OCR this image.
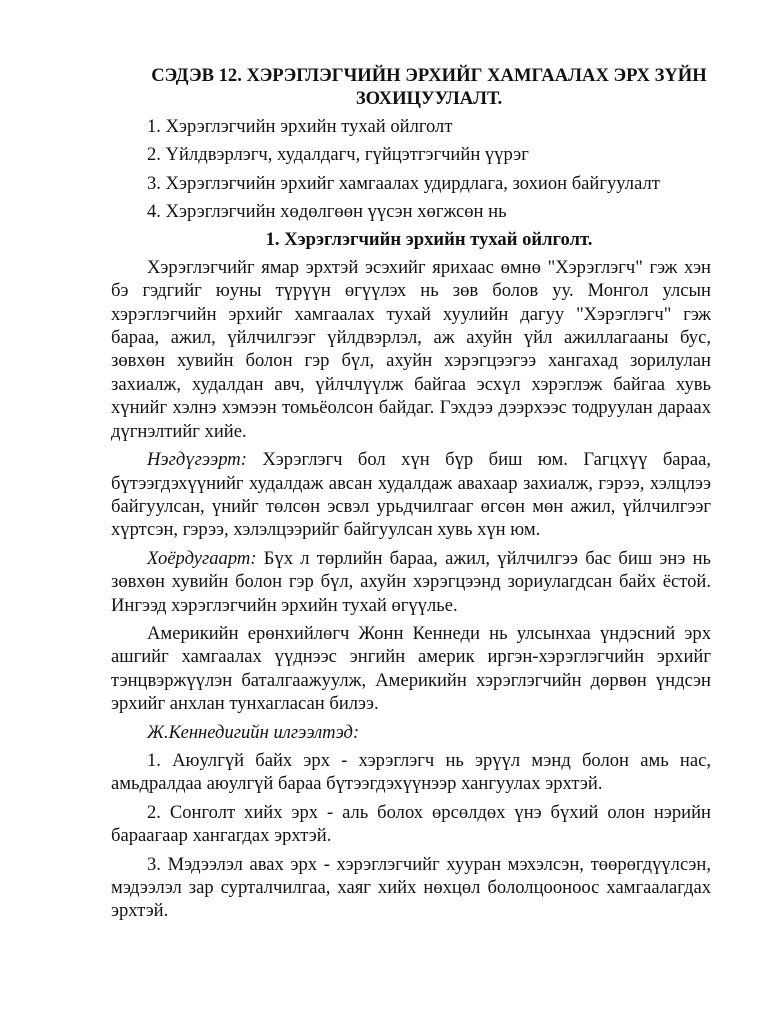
СЭДЭВ 12. ХЭРЭГЛЭГЧИЙН ЭРХИЙГ ХАМГААЛАХ ЭРХ ЗҮЙН ЗОХИЦУУЛАЛТ.
1. Хэрэглэгчийн эрхийн тухай ойлголт
2. Үйлдвэрлэгч, худалдагч, гүйцэтгэгчийн үүрэг
3. Хэрэглэгчийн эрхийг хамгаалах удирдлага, зохион байгуулалт
4. Хэрэглэгчийн хөдөлгөөн үүсэн хөгжсөн нь
1. Хэрэглэгчийн эрхийн тухай ойлголт.
Хэрэглэгчийг ямар эрхтэй эсэхийг ярихаас өмнө "Хэрэглэгч" гэж хэн бэ гэдгийг юуны түрүүн өгүүлэх нь зөв болов уу. Монгол улсын хэрэглэгчийн эрхийг хамгаалах тухай хуулийн дагуу "Хэрэглэгч" гэж бараа, ажил, үйлчилгээг үйлдвэрлэл, аж ахуйн үйл ажиллагааны бус, зөвхөн хувийн болон гэр бүл, ахуйн хэрэгцээгээ хангахад зорилулан захиалж, худалдан авч, үйлчлүүлж байгаа эсхүл хэрэглэж байгаа хувь хүнийг хэлнэ хэмээн томьёолсон байдаг. Гэхдээ дээрхээс тодруулан дараах дүгнэлтийг хийе.
Нэгдүгээрт: Хэрэглэгч бол хүн бүр биш юм. Гагцхүү бараа, бүтээгдэхүүнийг худалдаж авсан худалдаж авахаар захиалж, гэрээ, хэлцлээ байгуулсан, үнийг төлсөн эсвэл урьдчилгааг өгсөн мөн ажил, үйлчилгээг хүртсэн, гэрээ, хэлэлцээрийг байгуулсан хувь хүн юм.
Хоёрдугаарт: Бүх л төрлийн бараа, ажил, үйлчилгээ бас биш энэ нь зөвхөн хувийн болон гэр бүл, ахуйн хэрэгцээнд зориулагдсан байх ёстой. Ингээд хэрэглэгчийн эрхийн тухай өгүүлье.
Америкийн ерөнхийлөгч Жонн Кеннеди нь улсынхаа үндэсний эрх ашгийг хамгаалах үүднээс энгийн америк иргэн-хэрэглэгчийн эрхийг тэнцвэржүүлэн баталгаажуулж, Америкийн хэрэглэгчийн дөрвөн үндсэн эрхийг анхлан тунхагласан билээ.
Ж.Кеннедигийн илгээлтэд:
1. Аюулгүй байх эрх - хэрэглэгч нь эрүүл мэнд болон амь нас, амьдралдаа аюулгүй бараа бүтээгдэхүүнээр хангуулах эрхтэй.
2. Сонголт хийх эрх - аль болох өрсөлдөх үнэ бүхий олон нэрийн бараагаар хангагдах эрхтэй.
3. Мэдээлэл авах эрх - хэрэглэгчийг хууран мэхэлсэн, төөрөгдүүлсэн, мэдээлэл зар сурталчилгаа, хаяг хийх нөхцөл бололцооноос хамгаалагдах эрхтэй.
